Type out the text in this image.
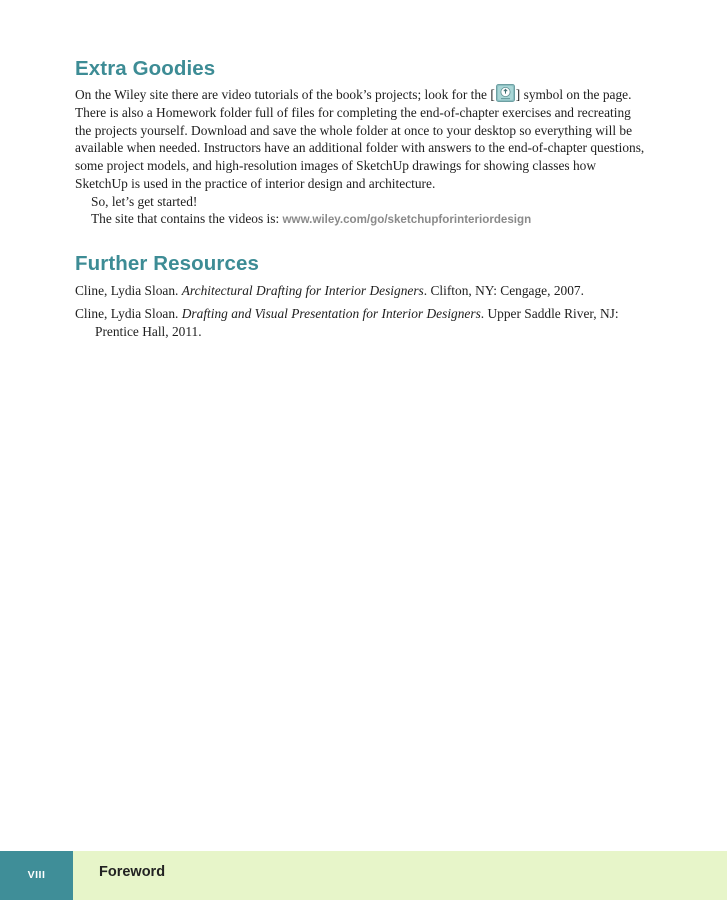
Extra Goodies

On the Wiley site there are video tutorials of the book’s projects; look for the [ ] symbol on the page. There is also a Homework folder full of files for completing the end-of-chapter exercises and recreating the projects yourself. Download and save the whole folder at once to your desktop so everything will be available when needed. Instructors have an additional folder with answers to the end-of-chapter questions, some project models, and high-resolution images of SketchUp drawings for showing classes how SketchUp is used in the practice of interior design and architecture.

So, let’s get started!

The site that contains the videos is: www.wiley.com/go/sketchupforinteriordesign

Further Resources

Cline, Lydia Sloan. Architectural Drafting for Interior Designers. Clifton, NY: Cengage, 2007.

Cline, Lydia Sloan. Drafting and Visual Presentation for Interior Designers. Upper Saddle River, NJ: Prentice Hall, 2011.

VIII	Foreword
